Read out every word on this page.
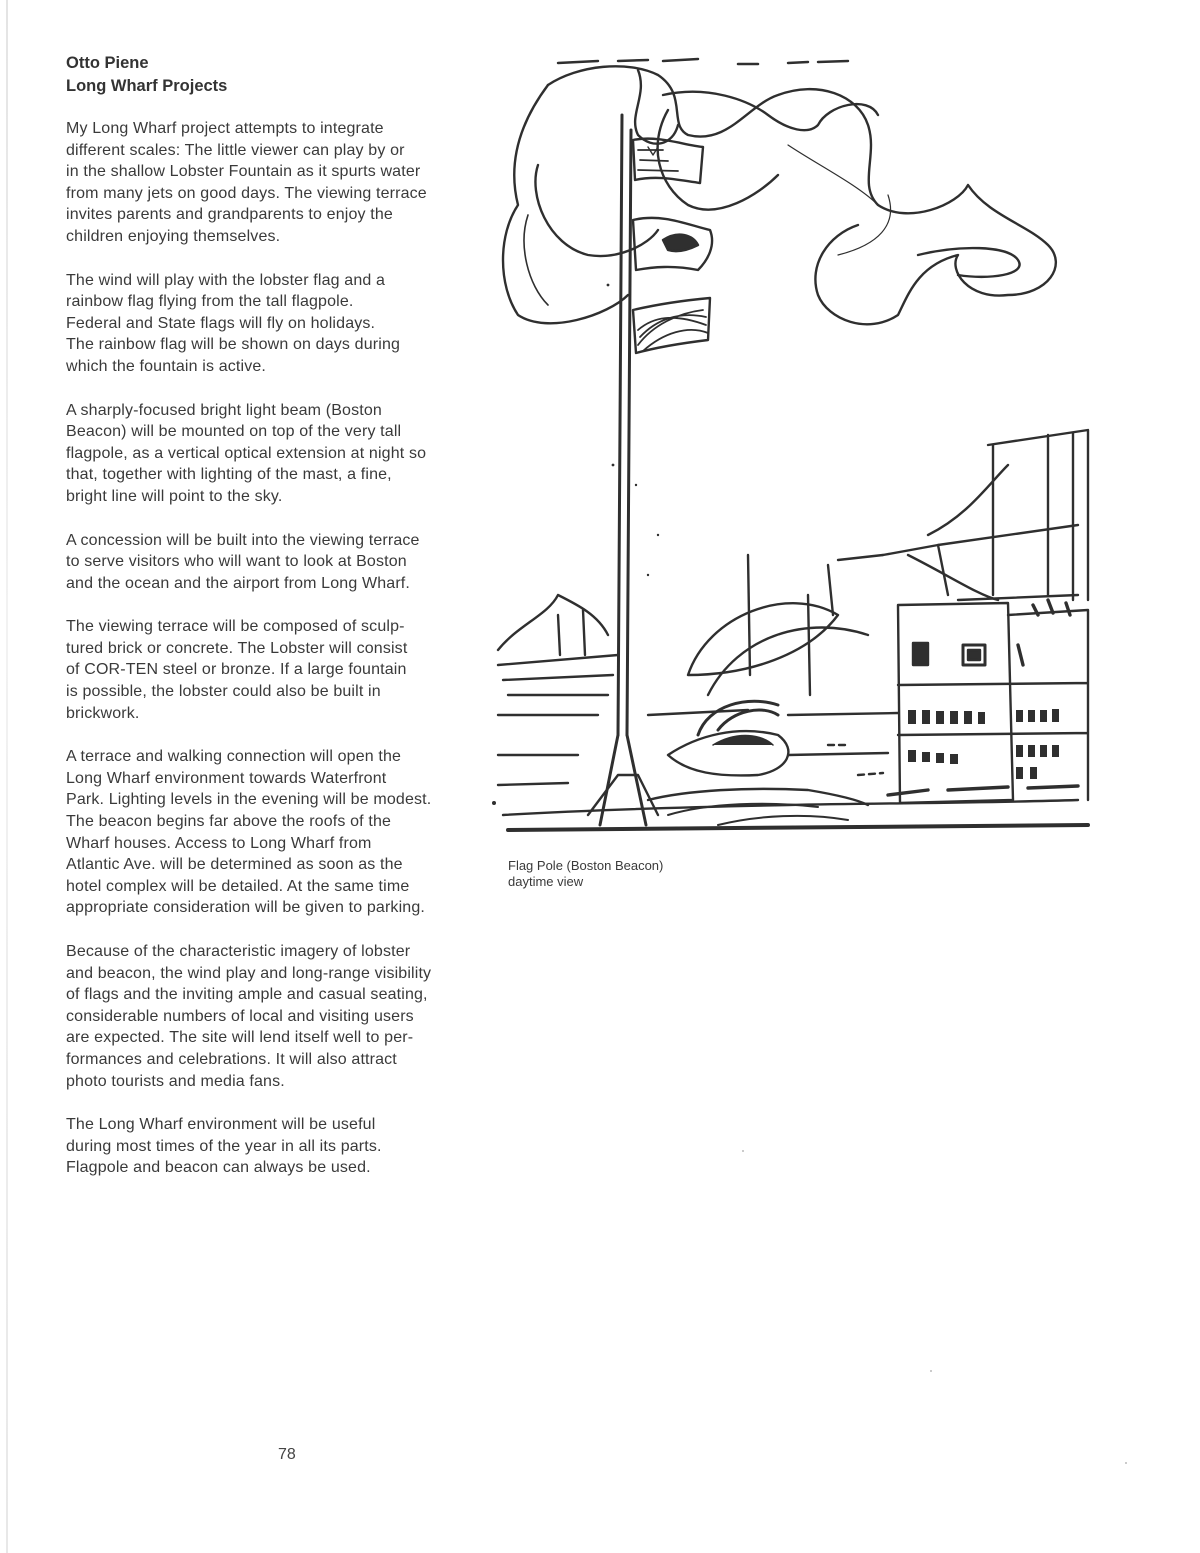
Otto Piene

Long Wharf Projects

My Long Wharf project attempts to integrate
different scales: The little viewer can play by or
in the shallow Lobster Fountain as it spurts water
from many jets on good days. The viewing terrace
invites parents and grandparents to enjoy the
children enjoying themselves.

The wind will play with the lobster flag and a
rainbow flag flying from the tall flagpole.
Federal and State flags will fly on holidays.
The rainbow flag will be shown on days during
which the fountain is active.

A sharply-focused bright light beam (Boston
Beacon) will be mounted on top of the very tall
flagpole, as a vertical optical extension at night so
that, together with lighting of the mast, a fine,
bright line will point to the sky.

A concession will be built into the viewing terrace
to serve visitors who will want to look at Boston
and the ocean and the airport from Long Wharf.

The viewing terrace will be composed of sculp-
tured brick or concrete. The Lobster will consist
of COR-TEN steel or bronze. If a large fountain
is possible, the lobster could also be built in
brickwork.

A terrace and walking connection will open the
Long Wharf environment towards Waterfront
Park. Lighting levels in the evening will be modest.
The beacon begins far above the roofs of the
Wharf houses. Access to Long Wharf from
Atlantic Ave. will be determined as soon as the
hotel complex will be detailed. At the same time
appropriate consideration will be given to parking.

Because of the characteristic imagery of lobster
and beacon, the wind play and long-range visibility
of flags and the inviting ample and casual seating,
considerable numbers of local and visiting users
are expected. The site will lend itself well to per-
formances and celebrations. It will also attract
photo tourists and media fans.

The Long Wharf environment will be useful
during most times of the year in all its parts.
Flagpole and beacon can always be used.

Flag Pole (Boston Beacon)
daytime view
78
